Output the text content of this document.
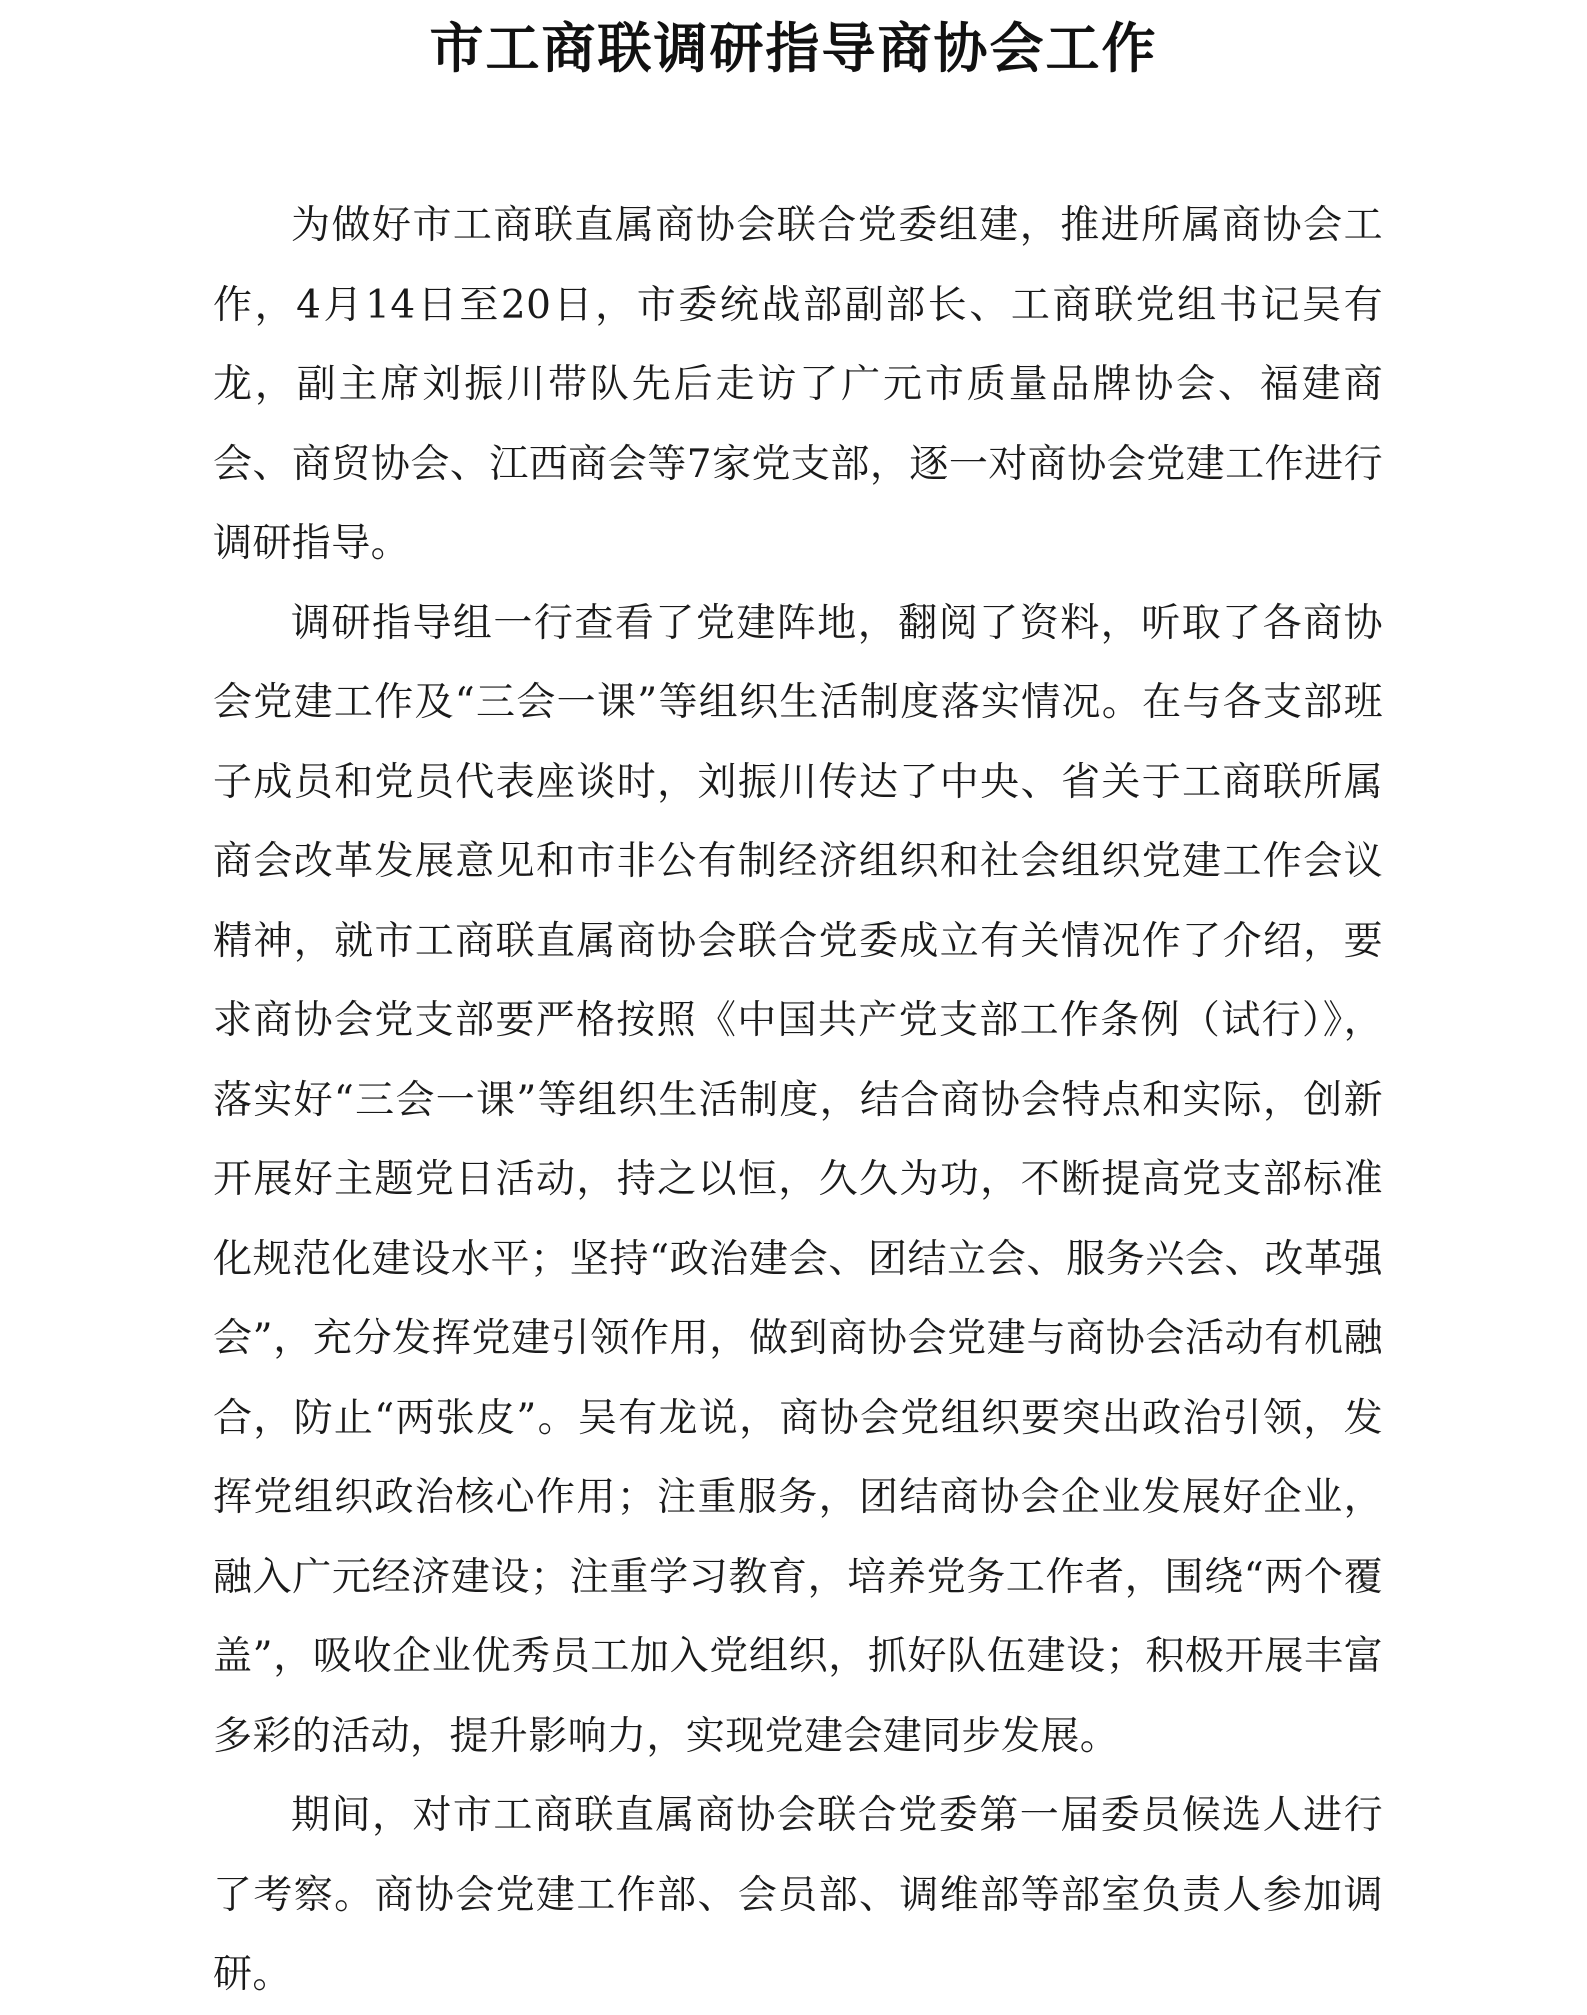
市工商联调研指导商协会工作

为做好市工商联直属商协会联合党委组建，推进所属商协会工作，4月14日至20日，市委统战部副部长、工商联党组书记吴有龙，副主席刘振川带队先后走访了广元市质量品牌协会、福建商会、商贸协会、江西商会等7家党支部，逐一对商协会党建工作进行调研指导。

调研指导组一行查看了党建阵地，翻阅了资料，听取了各商协会党建工作及“三会一课”等组织生活制度落实情况。在与各支部班子成员和党员代表座谈时，刘振川传达了中央、省关于工商联所属商会改革发展意见和市非公有制经济组织和社会组织党建工作会议精神，就市工商联直属商协会联合党委成立有关情况作了介绍，要求商协会党支部要严格按照《中国共产党支部工作条例（试行）》，落实好“三会一课”等组织生活制度，结合商协会特点和实际，创新开展好主题党日活动，持之以恒，久久为功，不断提高党支部标准化规范化建设水平；坚持“政治建会、团结立会、服务兴会、改革强会”，充分发挥党建引领作用，做到商协会党建与商协会活动有机融合，防止“两张皮”。吴有龙说，商协会党组织要突出政治引领，发挥党组织政治核心作用；注重服务，团结商协会企业发展好企业，融入广元经济建设；注重学习教育，培养党务工作者，围绕“两个覆盖”，吸收企业优秀员工加入党组织，抓好队伍建设；积极开展丰富多彩的活动，提升影响力，实现党建会建同步发展。

期间，对市工商联直属商协会联合党委第一届委员候选人进行了考察。商协会党建工作部、会员部、调维部等部室负责人参加调研。
